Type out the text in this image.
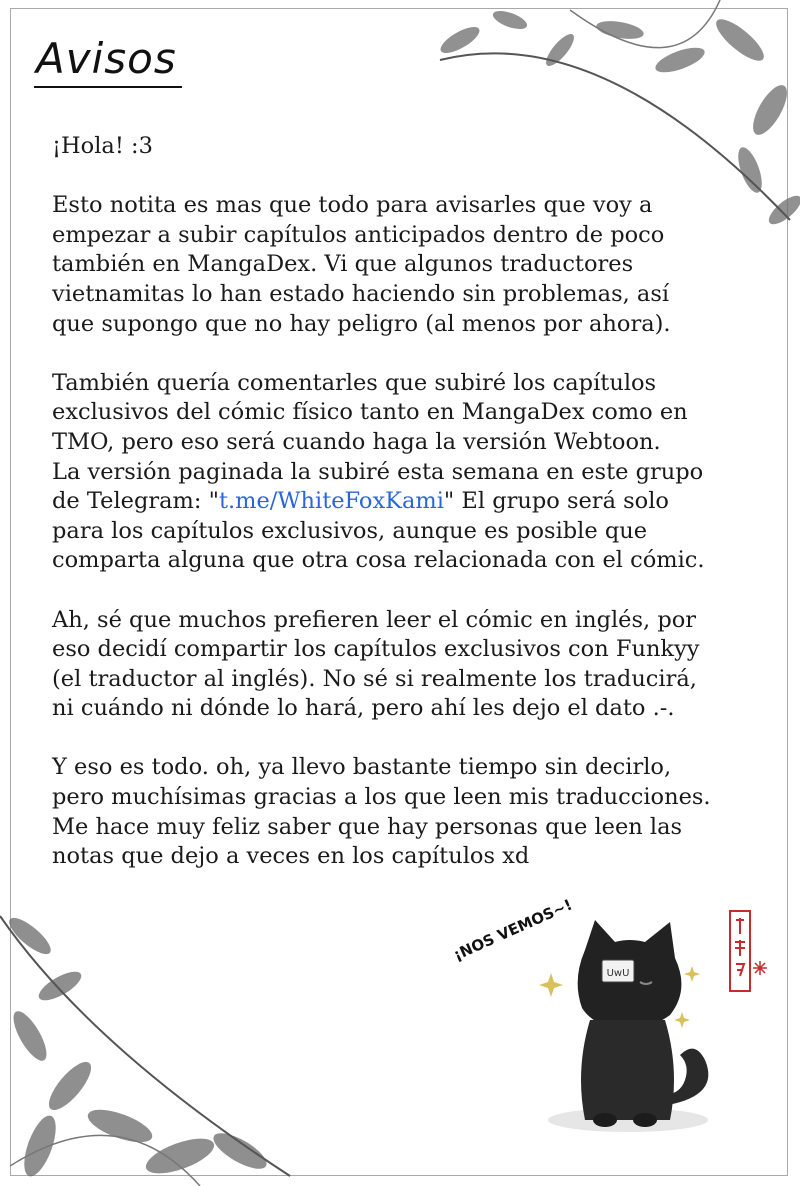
Avisos

¡Hola! :3

Esto notita es mas que todo para avisarles que voy a
empezar a subir capítulos anticipados dentro de poco
también en MangaDex. Vi que algunos traductores
vietnamitas lo han estado haciendo sin problemas, así
que supongo que no hay peligro (al menos por ahora).

También quería comentarles que subiré los capítulos
exclusivos del cómic físico tanto en MangaDex como en
TMO, pero eso será cuando haga la versión Webtoon.
La versión paginada la subiré esta semana en este grupo
de Telegram: "t.me/WhiteFoxKami" El grupo será solo
para los capítulos exclusivos, aunque es posible que
comparta alguna que otra cosa relacionada con el cómic.

Ah, sé que muchos prefieren leer el cómic en inglés, por
eso decidí compartir los capítulos exclusivos con Funkyy
(el traductor al inglés). No sé si realmente los traducirá,
ni cuándo ni dónde lo hará, pero ahí les dejo el dato .-.

Y eso es todo. oh, ya llevo bastante tiempo sin decirlo,
pero muchísimas gracias a los que leen mis traducciones.
Me hace muy feliz saber que hay personas que leen las
notas que dejo a veces en los capítulos xd

¡NOS VEMOS~!
UwU
